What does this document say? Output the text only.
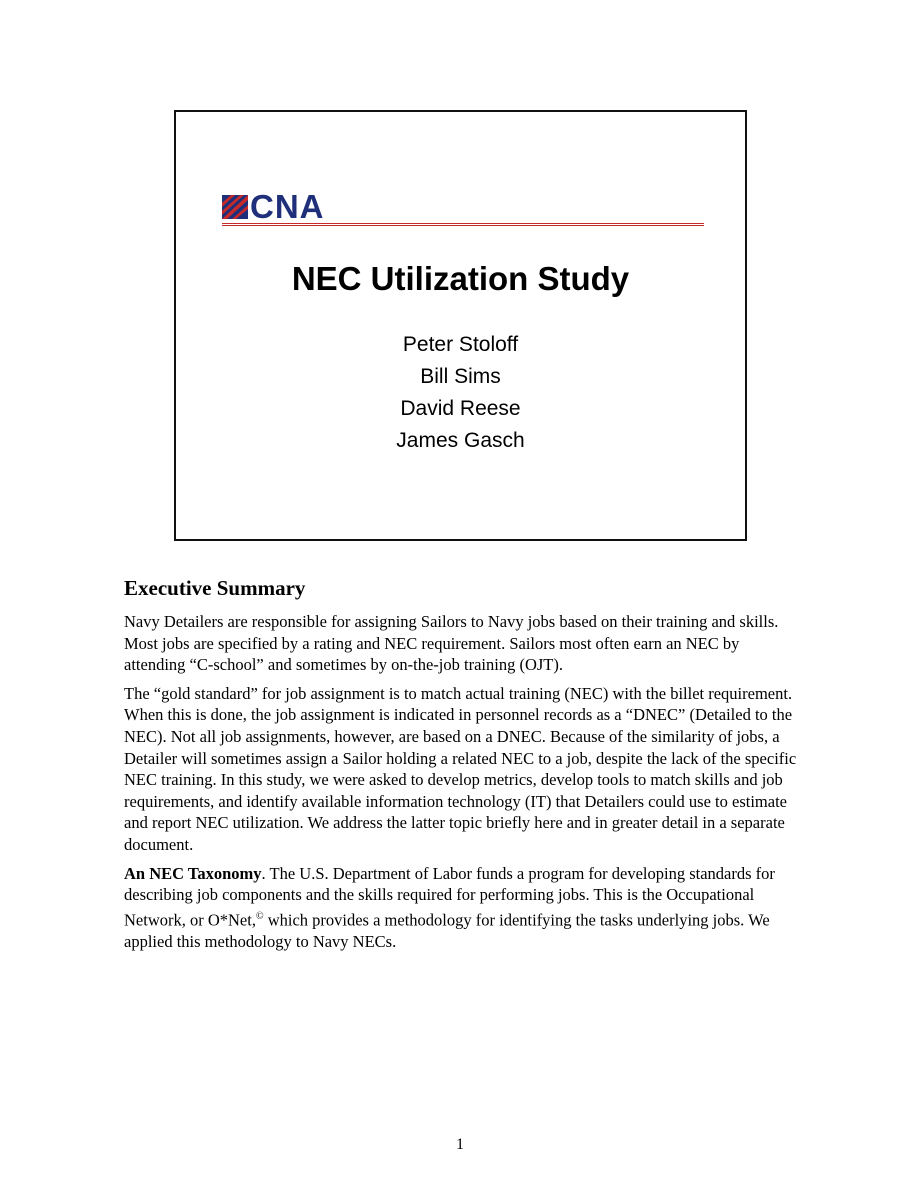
CNA
NEC Utilization Study
Peter Stoloff
Bill Sims
David Reese
James Gasch
Executive Summary

Navy Detailers are responsible for assigning Sailors to Navy jobs based on their training and skills. Most jobs are specified by a rating and NEC requirement. Sailors most often earn an NEC by attending “C-school” and sometimes by on-the-job training (OJT).

The “gold standard” for job assignment is to match actual training (NEC) with the billet requirement. When this is done, the job assignment is indicated in personnel records as a “DNEC” (Detailed to the NEC). Not all job assignments, however, are based on a DNEC. Because of the similarity of jobs, a Detailer will sometimes assign a Sailor holding a related NEC to a job, despite the lack of the specific NEC training. In this study, we were asked to develop metrics, develop tools to match skills and job requirements, and identify available information technology (IT) that Detailers could use to estimate and report NEC utilization. We address the latter topic briefly here and in greater detail in a separate document.

An NEC Taxonomy. The U.S. Department of Labor funds a program for developing standards for describing job components and the skills required for performing jobs. This is the Occupational Network, or O*Net,© which provides a methodology for identifying the tasks underlying jobs. We applied this methodology to Navy NECs.

1
